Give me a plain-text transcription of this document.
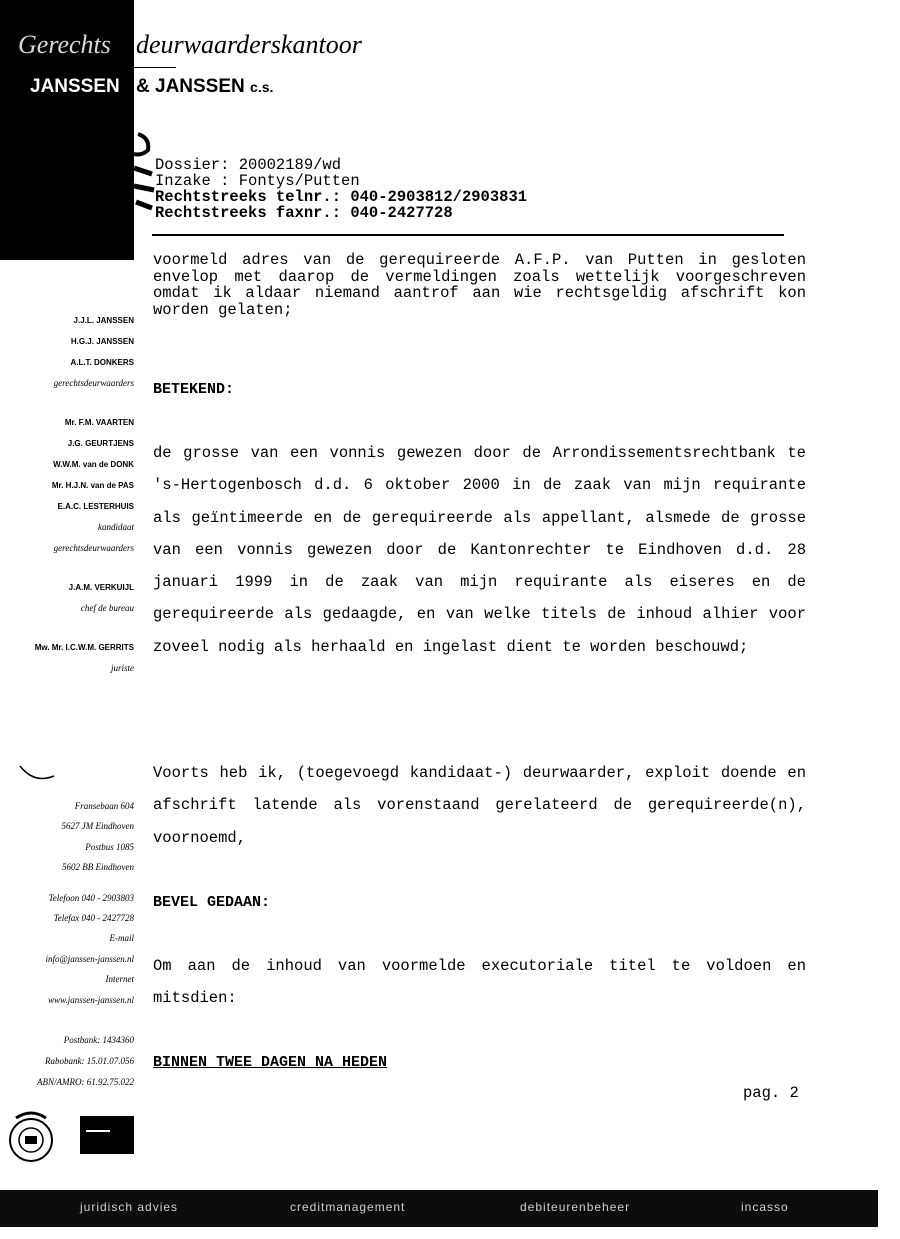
Gerechts deurwaarderskantoor
JANSSEN & JANSSEN c.s.
Dossier: 20002189/wd
Inzake : Fontys/Putten
Rechtstreeks telnr.: 040-2903812/2903831
Rechtstreeks faxnr.: 040-2427728
voormeld adres van de gerequireerde A.F.P. van Putten in gesloten envelop met daarop de vermeldingen zoals wettelijk voorgeschreven omdat ik aldaar niemand aantrof aan wie rechtsgeldig afschrift kon worden gelaten;
BETEKEND:
de grosse van een vonnis gewezen door de Arrondissementsrechtbank te 's-Hertogenbosch d.d. 6 oktober 2000 in de zaak van mijn requirante als geïntimeerde en de gerequireerde als appellant, alsmede de grosse van een vonnis gewezen door de Kantonrechter te Eindhoven d.d. 28 januari 1999 in de zaak van mijn requirante als eiseres en de gerequireerde als gedaagde, en van welke titels de inhoud alhier voor zoveel nodig als herhaald en ingelast dient te worden beschouwd;
Voorts heb ik, (toegevoegd kandidaat-) deurwaarder, exploit doende en afschrift latende als vorenstaand gerelateerd de gerequireerde(n), voornoemd,
BEVEL GEDAAN:
Om aan de inhoud van voormelde executoriale titel te voldoen en mitsdien:
BINNEN TWEE DAGEN NA HEDEN
pag. 2
J.J.L. JANSSEN
H.G.J. JANSSEN
A.L.T. DONKERS
gerechtsdeurwaarders
Mr. F.M. VAARTEN
J.G. GEURTJENS
W.W.M. van de DONK
Mr. H.J.N. van de PAS
E.A.C. LESTERHUIS
kandidaat
gerechtsdeurwaarders
J.A.M. VERKUIJL
chef de bureau
Mw. Mr. I.C.W.M. GERRITS
juriste
Fransebaan 604
5627 JM Eindhoven
Postbus 1085
5602 BB Eindhoven
Telefoon 040 - 2903803
Telefax 040 - 2427728
E-mail
info@janssen-janssen.nl
Internet
www.janssen-janssen.nl
Postbank: 1434360
Rabobank: 15.01.07.056
ABN/AMRO: 61.92.75.022
juridisch advies	creditmanagement	debiteurenbeheer	incasso
